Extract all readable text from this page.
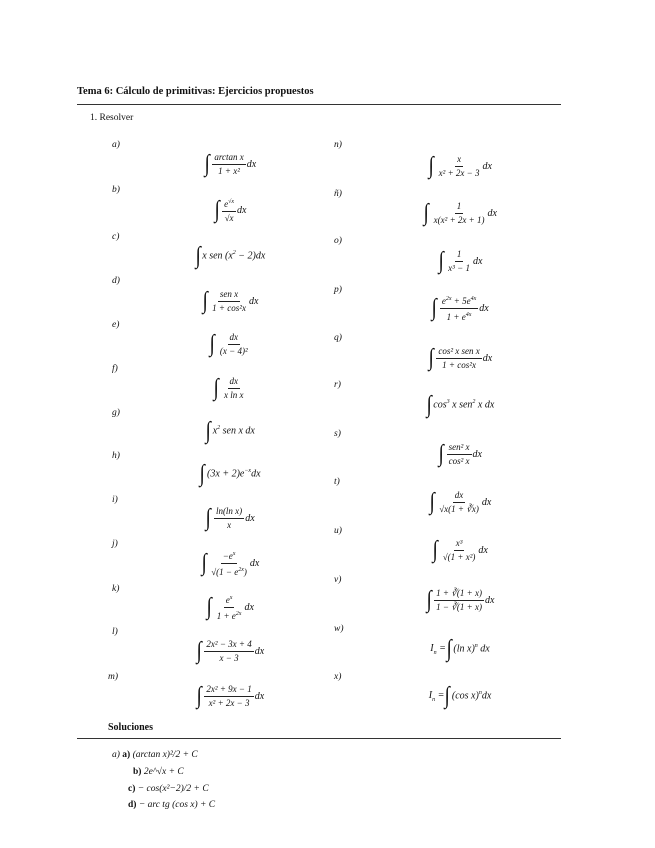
Tema 6: Cálculo de primitivas: Ejercicios propuestos
1. Resolver
a)
∫ $\frac{\text{arctan x}}{\text{1 + x²}}$ dx
b)
∫ $\frac{e^{√x}}{√x}$ dx
c)
∫ x sen $(x^2 - 2)dx$
d)
∫ $\frac{\text{sen x}}{\text{1 + cos²x}}$ dx
e)
∫ $\frac{dx}{\text{(x − 4)²}}$
f)
∫ $\frac{dx}{\text{x ln x}}$
g)
∫ $x^2$ sen x dx
h)
∫ $(3x + 2)e^{-x}dx$
i)
∫ $\frac{\text{ln(ln x)}}{x}$ dx
j)
∫ $\frac{-e^x}{√(1 - e^{2x})}$ dx
k)
∫ $\frac{e^x}{1 + e^{2x}}$ dx
l)
∫ $\frac{\text{2x² − 3x + 4}}{x - 3}$ dx
m)
∫ $\frac{\text{2x² + 9x − 1}}{\text{x² + 2x − 3}}$ dx
n)
∫ $\frac{x}{\text{x² + 2x − 3}}$ dx
ñ)
∫ $\frac{1}{\text{x(x² + 2x + 1)}}$ dx
o)
∫ $\frac{1}{\text{x³ − 1}}$ dx
p)
∫ $\frac{e^{2x} + 5e^{4x}}{1 + e^{4x}}$ dx
q)
∫ $\frac{\text{cos² x sen x}}{\text{1 + cos²x}}$ dx
r)
∫ $\cos^3 x$ sen$^2$ x dx
s)
∫ $\frac{\text{sen² x}}{\text{cos² x}}$ dx
t)
∫ $\frac{dx}{√x(1 + ∛x)}$ dx
u)
∫ $\frac{\text{x³}}{\text{√(1 + x²)}}$ dx
v)
∫ $\frac{1 + ∛(1 + x)}{1 - ∛(1 + x)}$ dx
w)
$I_n$ = ∫ (ln x)$^n$ dx
x)
$I_n$ = ∫ (cos x)$^n$dx
Soluciones
a) a) (arctan x)²/2 + C
b) 2e^√x + C
c) − cos(x²−2)/2 + C
d) − arc tg (cos x) + C
